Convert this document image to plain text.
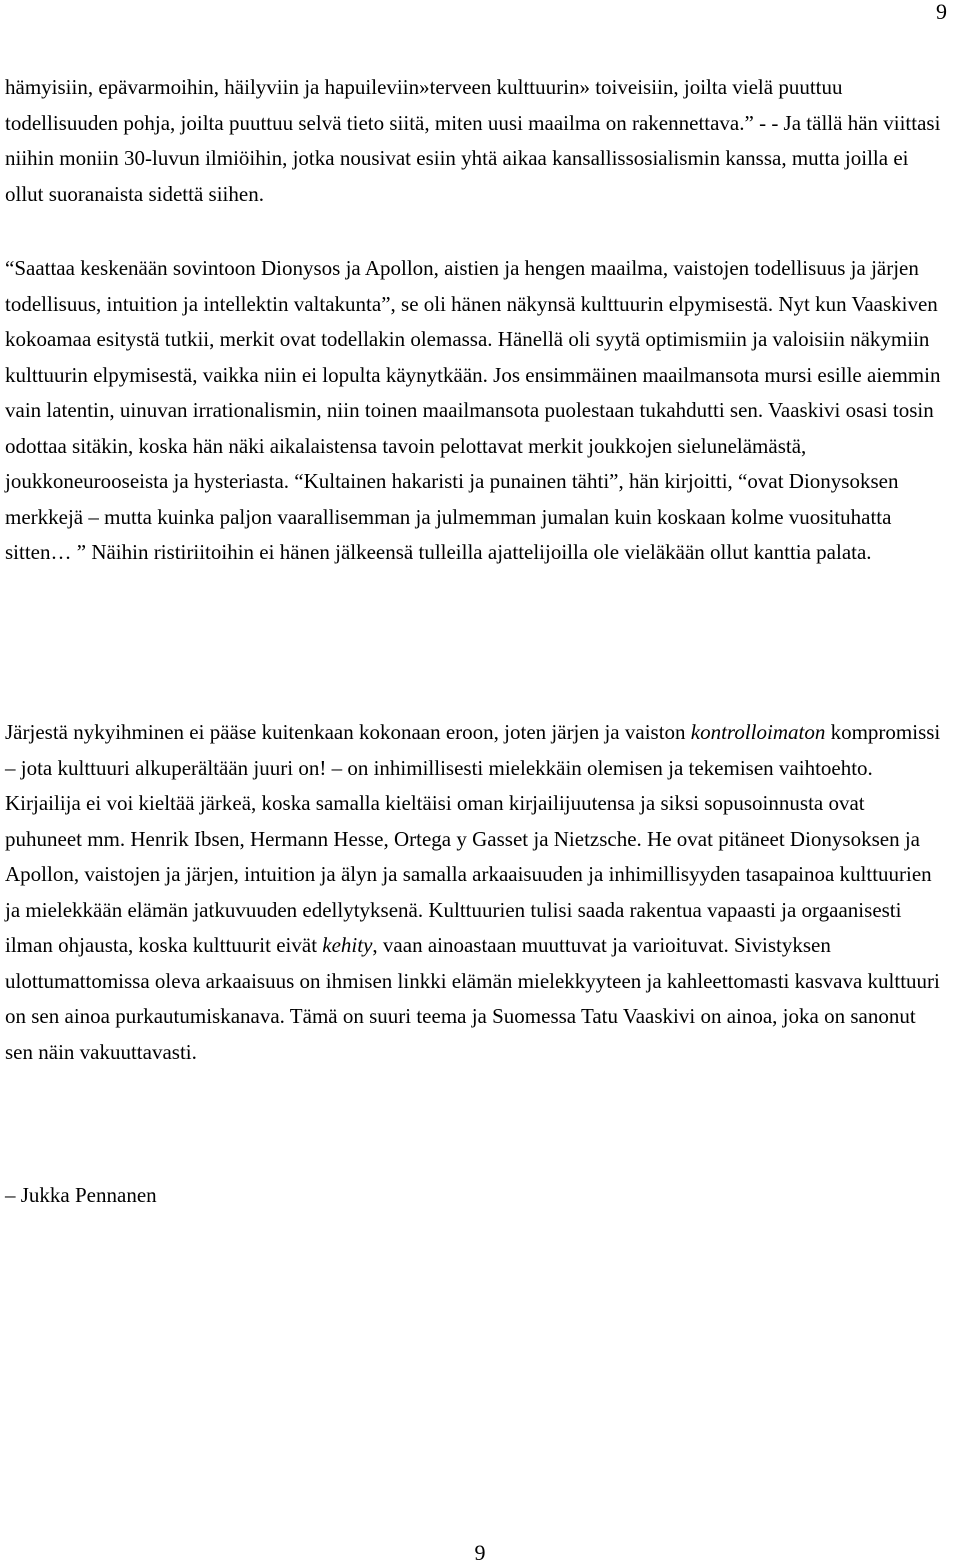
9

hämyisiin, epävarmoihin, häilyviin ja hapuileviin»terveen kulttuurin» toiveisiin, joilta vielä puuttuu todellisuuden pohja, joilta puuttuu selvä tieto siitä, miten uusi maailma on rakennettava.” - - Ja tällä hän viittasi niihin moniin 30-luvun ilmiöihin, jotka nousivat esiin yhtä aikaa kansallissosialismin kanssa, mutta joilla ei ollut suoranaista sidettä siihen.

“Saattaa keskenään sovintoon Dionysos ja Apollon, aistien ja hengen maailma, vaistojen todellisuus ja järjen todellisuus, intuition ja intellektin valtakunta”, se oli hänen näkynsä kulttuurin elpymisestä. Nyt kun Vaaskiven kokoamaa esitystä tutkii, merkit ovat todellakin olemassa. Hänellä oli syytä optimismiin ja valoisiin näkymiin kulttuurin elpymisestä, vaikka niin ei lopulta käynytkään. Jos ensimmäinen maailmansota mursi esille aiemmin vain latentin, uinuvan irrationalismin, niin toinen maailmansota puolestaan tukahdutti sen. Vaaskivi osasi tosin odottaa sitäkin, koska hän näki aikalaistensa tavoin pelottavat merkit joukkojen sielunelämästä, joukkoneurooseista ja hysteriasta. “Kultainen hakaristi ja punainen tähti”, hän kirjoitti, “ovat Dionysoksen merkkejä – mutta kuinka paljon vaarallisemman ja julmemman jumalan kuin koskaan kolme vuosituhatta sitten… ” Näihin ristiriitoihin ei hänen jälkeensä tulleilla ajattelijoilla ole vieläkään ollut kanttia palata.

Järjestä nykyihminen ei pääse kuitenkaan kokonaan eroon, joten järjen ja vaiston kontrolloimaton kompromissi – jota kulttuuri alkuperältään juuri on! – on inhimillisesti mielekkäin olemisen ja tekemisen vaihtoehto. Kirjailija ei voi kieltää järkeä, koska samalla kieltäisi oman kirjailijuutensa ja siksi sopusoinnusta ovat puhuneet mm. Henrik Ibsen, Hermann Hesse, Ortega y Gasset ja Nietzsche. He ovat pitäneet Dionysoksen ja Apollon, vaistojen ja järjen, intuition ja älyn ja samalla arkaaisuuden ja inhimillisyyden tasapainoa kulttuurien ja mielekkään elämän jatkuvuuden edellytyksenä. Kulttuurien tulisi saada rakentua vapaasti ja orgaanisesti ilman ohjausta, koska kulttuurit eivät kehity, vaan ainoastaan muuttuvat ja varioituvat. Sivistyksen ulottumattomissa oleva arkaaisuus on ihmisen linkki elämän mielekkyyteen ja kahleettomasti kasvava kulttuuri on sen ainoa purkautumiskanava. Tämä on suuri teema ja Suomessa Tatu Vaaskivi on ainoa, joka on sanonut sen näin vakuuttavasti.

– Jukka Pennanen

9
